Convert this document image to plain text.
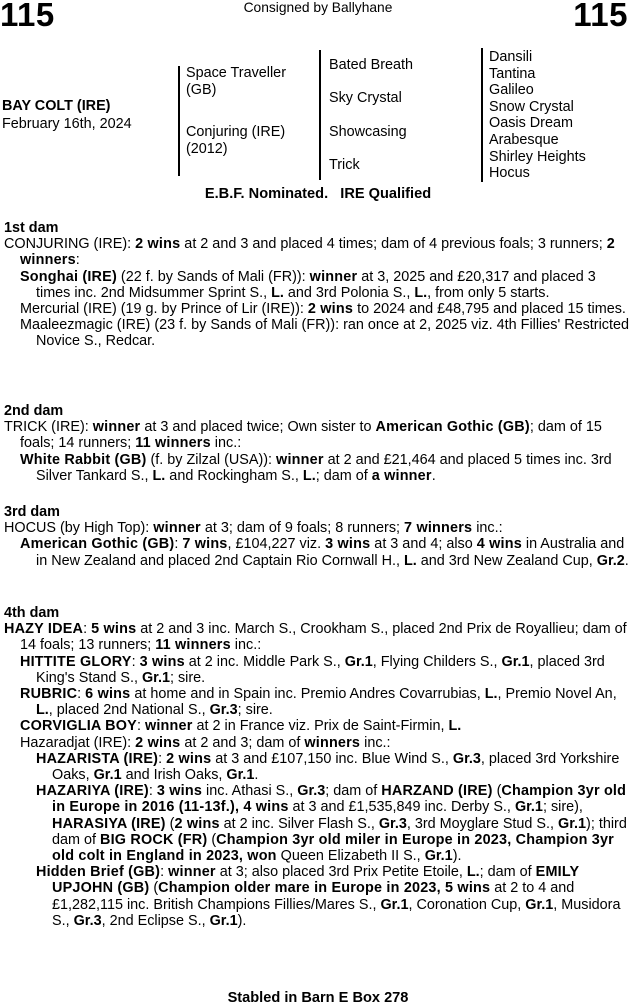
115	Consigned by Ballyhane	115
BAY COLT (IRE)
February 16th, 2024
Space Traveller (GB)
Conjuring (IRE) (2012)
Bated Breath
Sky Crystal
Showcasing
Trick
Dansili
Tantina
Galileo
Snow Crystal
Oasis Dream
Arabesque
Shirley Heights
Hocus
E.B.F. Nominated.   IRE Qualified

1st dam

CONJURING (IRE): 2 wins at 2 and 3 and placed 4 times; dam of 4 previous foals; 3 runners; 2 winners:

Songhai (IRE) (22 f. by Sands of Mali (FR)): winner at 3, 2025 and £20,317 and placed 3 times inc. 2nd Midsummer Sprint S., L. and 3rd Polonia S., L., from only 5 starts.

Mercurial (IRE) (19 g. by Prince of Lir (IRE)): 2 wins to 2024 and £48,795 and placed 15 times.

Maaleezmagic (IRE) (23 f. by Sands of Mali (FR)): ran once at 2, 2025 viz. 4th Fillies' Restricted Novice S., Redcar.

2nd dam

TRICK (IRE): winner at 3 and placed twice; Own sister to American Gothic (GB); dam of 15 foals; 14 runners; 11 winners inc.:

White Rabbit (GB) (f. by Zilzal (USA)): winner at 2 and £21,464 and placed 5 times inc. 3rd Silver Tankard S., L. and Rockingham S., L.; dam of a winner.

3rd dam

HOCUS (by High Top): winner at 3; dam of 9 foals; 8 runners; 7 winners inc.:

American Gothic (GB): 7 wins, £104,227 viz. 3 wins at 3 and 4; also 4 wins in Australia and in New Zealand and placed 2nd Captain Rio Cornwall H., L. and 3rd New Zealand Cup, Gr.2.

4th dam

HAZY IDEA: 5 wins at 2 and 3 inc. March S., Crookham S., placed 2nd Prix de Royallieu; dam of 14 foals; 13 runners; 11 winners inc.:

HITTITE GLORY: 3 wins at 2 inc. Middle Park S., Gr.1, Flying Childers S., Gr.1, placed 3rd King's Stand S., Gr.1; sire.

RUBRIC: 6 wins at home and in Spain inc. Premio Andres Covarrubias, L., Premio Novel An, L., placed 2nd National S., Gr.3; sire.

CORVIGLIA BOY: winner at 2 in France viz. Prix de Saint-Firmin, L.

Hazaradjat (IRE): 2 wins at 2 and 3; dam of winners inc.:

HAZARISTA (IRE): 2 wins at 3 and £107,150 inc. Blue Wind S., Gr.3, placed 3rd Yorkshire Oaks, Gr.1 and Irish Oaks, Gr.1.

HAZARIYA (IRE): 3 wins inc. Athasi S., Gr.3; dam of HARZAND (IRE) (Champion 3yr old in Europe in 2016 (11-13f.), 4 wins at 3 and £1,535,849 inc. Derby S., Gr.1; sire), HARASIYA (IRE) (2 wins at 2 inc. Silver Flash S., Gr.3, 3rd Moyglare Stud S., Gr.1); third dam of BIG ROCK (FR) (Champion 3yr old miler in Europe in 2023, Champion 3yr old colt in England in 2023, won Queen Elizabeth II S., Gr.1).

Hidden Brief (GB): winner at 3; also placed 3rd Prix Petite Etoile, L.; dam of EMILY UPJOHN (GB) (Champion older mare in Europe in 2023, 5 wins at 2 to 4 and £1,282,115 inc. British Champions Fillies/Mares S., Gr.1, Coronation Cup, Gr.1, Musidora S., Gr.3, 2nd Eclipse S., Gr.1).

Stabled in Barn E Box 278
